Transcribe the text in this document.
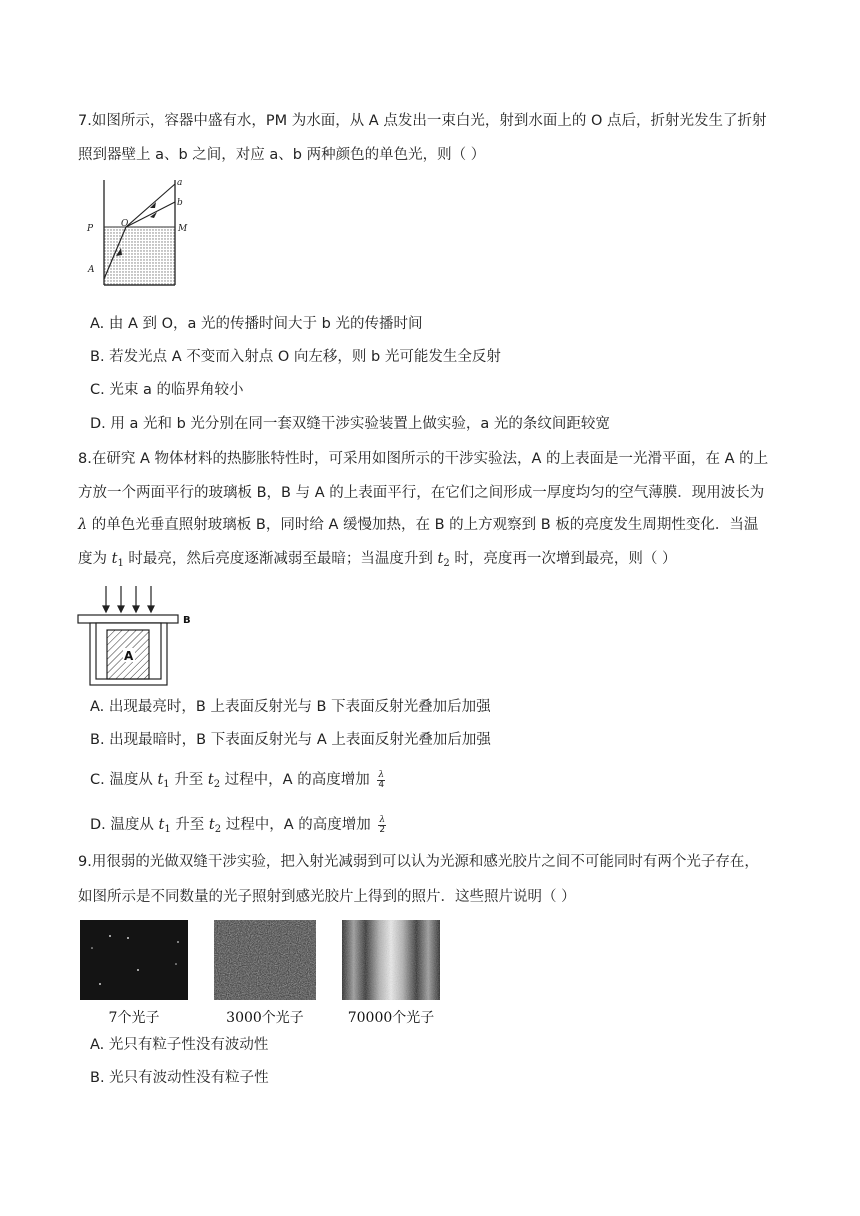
7.如图所示，容器中盛有水，PM 为水面，从 A 点发出一束白光，射到水面上的 O 点后，折射光发生了折射
照到器壁上 a、b 之间，对应 a、b 两种颜色的单色光，则（ ）
a
b
O
P	M
A
A. 由 A 到 O，a 光的传播时间大于 b 光的传播时间
B. 若发光点 A 不变而入射点 O 向左移，则 b 光可能发生全反射
C. 光束 a 的临界角较小
D. 用 a 光和 b 光分别在同一套双缝干涉实验装置上做实验，a 光的条纹间距较宽
8.在研究 A 物体材料的热膨胀特性时，可采用如图所示的干涉实验法，A 的上表面是一光滑平面，在 A 的上
方放一个两面平行的玻璃板 B，B 与 A 的上表面平行，在它们之间形成一厚度均匀的空气薄膜．现用波长为
λ 的单色光垂直照射玻璃板 B，同时给 A 缓慢加热，在 B 的上方观察到 B 板的亮度发生周期性变化．当温
度为 $t_1$ 时最亮，然后亮度逐渐减弱至最暗；当温度升到 $t_2$ 时，亮度再一次增到最亮，则（ ）
A
B
A. 出现最亮时，B 上表面反射光与 B 下表面反射光叠加后加强
B. 出现最暗时，B 下表面反射光与 A 上表面反射光叠加后加强
C. 温度从 $t_1$ 升至 $t_2$ 过程中，A 的高度增加 $\frac{\lambda}{4}$
D. 温度从 $t_1$ 升至 $t_2$ 过程中，A 的高度增加 $\frac{\lambda}{2}$
9.用很弱的光做双缝干涉实验，把入射光减弱到可以认为光源和感光胶片之间不可能同时有两个光子存在，
如图所示是不同数量的光子照射到感光胶片上得到的照片．这些照片说明（ ）
7个光子	3000个光子	70000个光子
A. 光只有粒子性没有波动性
B. 光只有波动性没有粒子性
